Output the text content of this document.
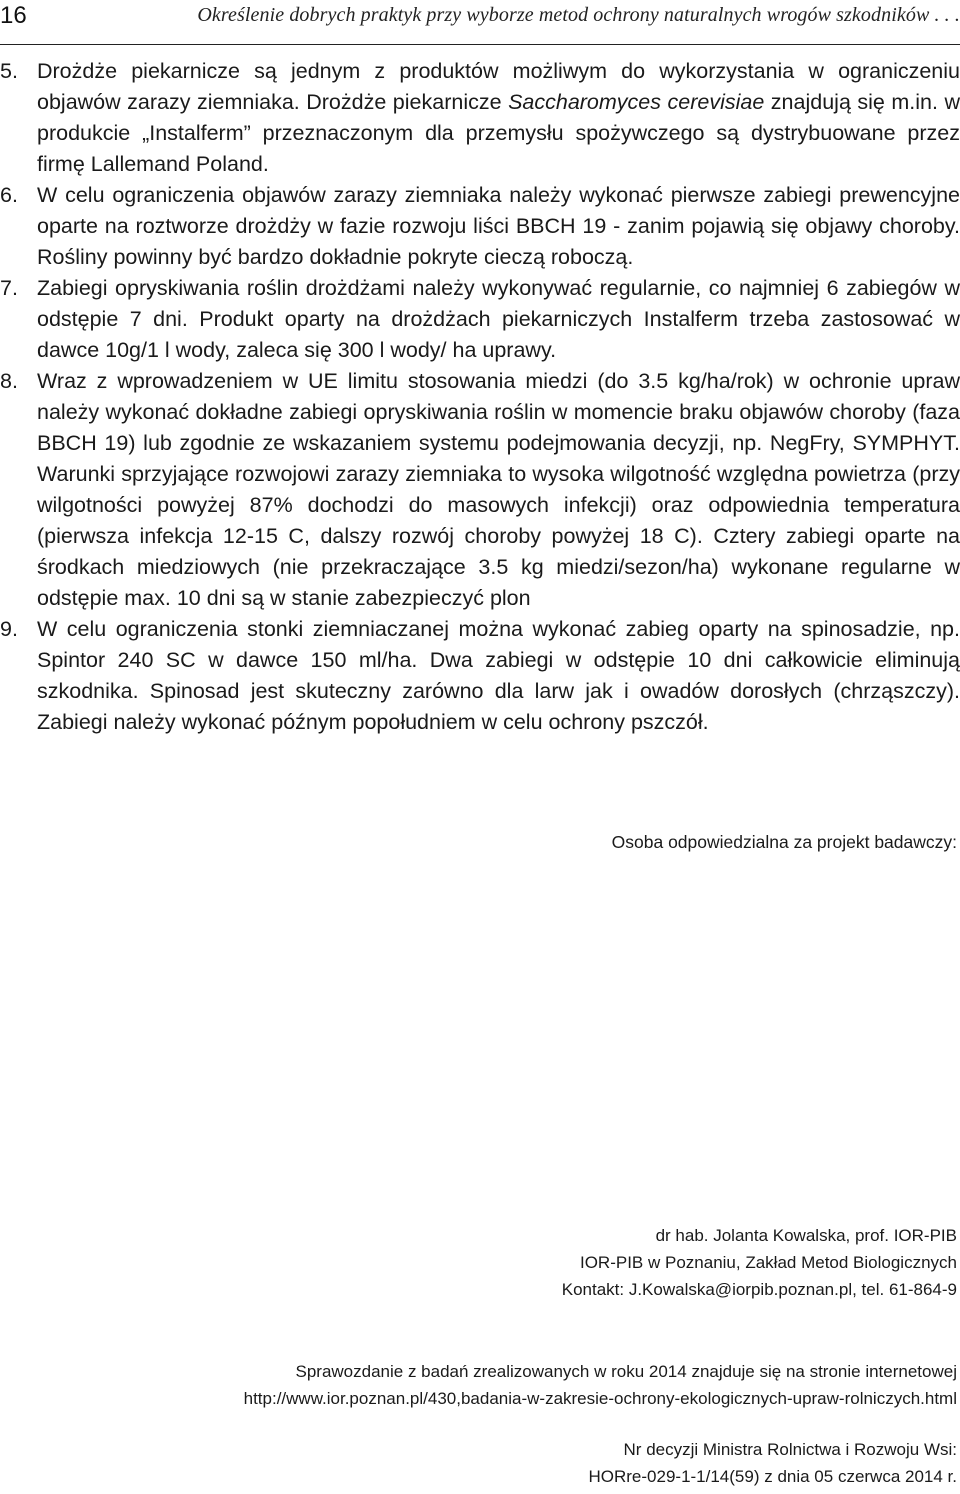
16	Określenie dobrych praktyk przy wyborze metod ochrony naturalnych wrogów szkodników . . .
5. Drożdże piekarnicze są jednym z produktów możliwym do wykorzystania w ograniczeniu objawów zarazy ziemniaka. Drożdże piekarnicze Saccharomyces cerevisiae znajdują się m.in. w produkcie „Instalferm” przeznaczonym dla przemysłu spożywczego są dystrybuowane przez firmę Lallemand Poland.
6. W celu ograniczenia objawów zarazy ziemniaka należy wykonać pierwsze zabiegi prewencyjne oparte na roztworze drożdży w fazie rozwoju liści BBCH 19 - zanim pojawią się objawy choroby. Rośliny powinny być bardzo dokładnie pokryte cieczą roboczą.
7. Zabiegi opryskiwania roślin drożdżami należy wykonywać regularnie, co najmniej 6 zabiegów w odstępie 7 dni. Produkt oparty na drożdżach piekarniczych Instalferm trzeba zastosować w dawce 10g/1 l wody, zaleca się 300 l wody/ ha uprawy.
8. Wraz z wprowadzeniem w UE limitu stosowania miedzi (do 3.5 kg/ha/rok) w ochronie upraw należy wykonać dokładne zabiegi opryskiwania roślin w momencie braku objawów choroby (faza BBCH 19) lub zgodnie ze wskazaniem systemu podejmowania decyzji, np. NegFry, SYMPHYT. Warunki sprzyjające rozwojowi zarazy ziemniaka to wysoka wilgotność względna powietrza (przy wilgotności powyżej 87% dochodzi do masowych infekcji) oraz odpowiednia temperatura (pierwsza infekcja 12-15 C, dalszy rozwój choroby powyżej 18 C). Cztery zabiegi oparte na środkach miedziowych (nie przekraczające 3.5 kg miedzi/sezon/ha) wykonane regularne w odstępie max. 10 dni są w stanie zabezpieczyć plon
9. W celu ograniczenia stonki ziemniaczanej można wykonać zabieg oparty na spinosadzie, np. Spintor 240 SC w dawce 150 ml/ha. Dwa zabiegi w odstępie 10 dni całkowicie eliminują szkodnika. Spinosad jest skuteczny zarówno dla larw jak i owadów dorosłych (chrząszczy). Zabiegi należy wykonać późnym popołudniem w celu ochrony pszczół.
Osoba odpowiedzialna za projekt badawczy:
dr hab. Jolanta Kowalska, prof. IOR-PIB
IOR-PIB w Poznaniu, Zakład Metod Biologicznych
Kontakt: J.Kowalska@iorpib.poznan.pl, tel. 61-864-9
Sprawozdanie z badań zrealizowanych w roku 2014 znajduje się na stronie internetowej
http://www.ior.poznan.pl/430,badania-w-zakresie-ochrony-ekologicznych-upraw-rolniczych.html
Nr decyzji Ministra Rolnictwa i Rozwoju Wsi:
HORre-029-1-1/14(59) z dnia 05 czerwca 2014 r.
